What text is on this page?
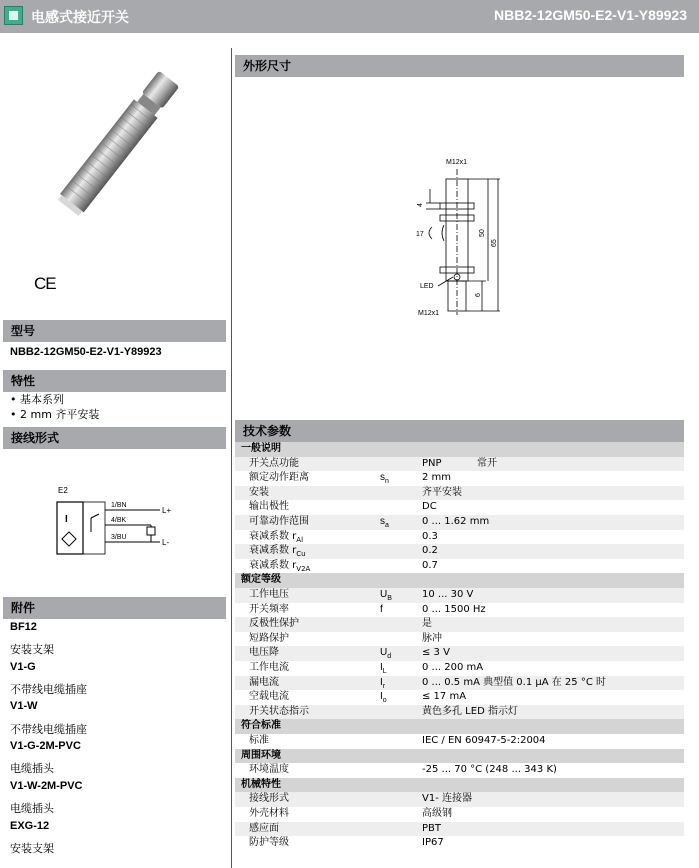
电感式接近开关	NBB2-12GM50-E2-V1-Y89923
C​E
型号
NBB2-12GM50-E2-V1-Y89923
特性
• 基本系列
• 2 mm 齐平安装
接线形式
E2
I
1/BN
4/BK
3/BU
L+
L-
附件
BF12
安装支架
V1-G
不带线电缆插座
V1-W
不带线电缆插座
V1-G-2M-PVC
电缆插头
V1-W-2M-PVC
电缆插头
EXG-12
安装支架
外形尺寸
M12x1
M12x1
LED
17
4
50
65
6
技术参数
一般说明
开关点功能	PNP	常开
额定动作距离	$s_n$	2 mm
安装	齐平安装
输出极性	DC
可靠动作范围	$s_a$	0 ... 1.62 mm
衰减系数 $r_{Al}$	0.3
衰减系数 $r_{Cu}$	0.2
衰减系数 $r_{V2A}$	0.7
额定等级
工作电压	$U_B$	10 ... 30 V
开关频率	f	0 ... 1500 Hz
反极性保护	是
短路保护	脉冲
电压降	$U_d$	≤ 3 V
工作电流	$I_L$	0 ... 200 mA
漏电流	$I_r$	0 ... 0.5 mA 典型值 0.1 µA 在 25 °C 时
空载电流	$I_o$	≤ 17 mA
开关状态指示	黄色多孔 LED 指示灯
符合标准
标准	IEC / EN 60947-5-2:2004
周围环境
环境温度	-25 ... 70 °C (248 ... 343 K)
机械特性
接线形式	V1- 连接器
外壳材料	高级钢
感应面	PBT
防护等级	IP67
